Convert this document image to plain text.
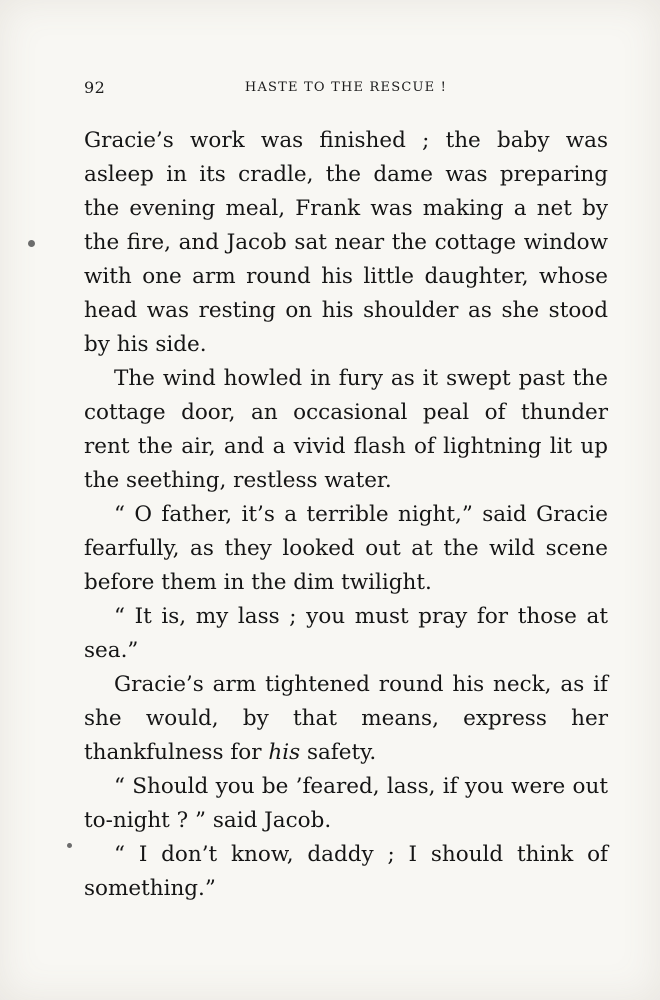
92	HASTE TO THE RESCUE !

Gracie’s work was finished ; the baby was asleep in its cradle, the dame was preparing the evening meal, Frank was making a net by the fire, and Jacob sat near the cottage window with one arm round his little daughter, whose head was resting on his shoulder as she stood by his side.

The wind howled in fury as it swept past the cottage door, an occasional peal of thunder rent the air, and a vivid flash of lightning lit up the seething, restless water.

“ O father, it’s a terrible night,” said Gracie fearfully, as they looked out at the wild scene before them in the dim twilight.

“ It is, my lass ; you must pray for those at sea.”

Gracie’s arm tightened round his neck, as if she would, by that means, express her thankfulness for his safety.

“ Should you be ’feared, lass, if you were out to-night ? ” said Jacob.

“ I don’t know, daddy ; I should think of something.”
